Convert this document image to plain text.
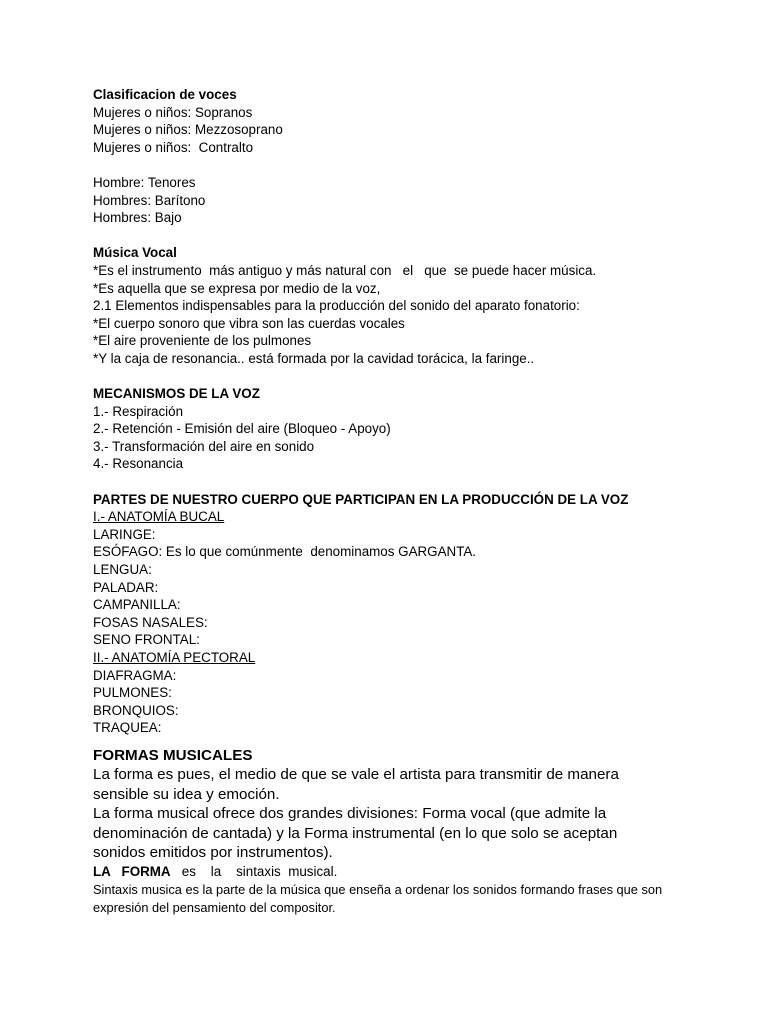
Clasificacion de voces

Mujeres o niños: Sopranos

Mujeres o niños: Mezzosoprano

Mujeres o niños:  Contralto

Hombre: Tenores

Hombres: Barítono

Hombres: Bajo

Música Vocal

*Es el instrumento  más antiguo y más natural con   el   que  se puede hacer música.

*Es aquella que se expresa por medio de la voz,

2.1 Elementos indispensables para la producción del sonido del aparato fonatorio:

*El cuerpo sonoro que vibra son las cuerdas vocales

*El aire proveniente de los pulmones

*Y la caja de resonancia.. está formada por la cavidad torácica, la faringe..

MECANISMOS DE LA VOZ

1.- Respiración

2.- Retención - Emisión del aire (Bloqueo - Apoyo)

3.- Transformación del aire en sonido

4.- Resonancia

PARTES DE NUESTRO CUERPO QUE PARTICIPAN EN LA PRODUCCIÓN DE LA VOZ

I.- ANATOMÍA BUCAL

LARINGE:

ESÓFAGO: Es lo que comúnmente  denominamos GARGANTA.

LENGUA:

PALADAR:

CAMPANILLA:

FOSAS NASALES:

SENO FRONTAL:

II.- ANATOMÍA PECTORAL

DIAFRAGMA:

PULMONES:

BRONQUIOS:

TRAQUEA:

FORMAS MUSICALES

La forma es pues, el medio de que se vale el artista para transmitir de manera sensible su idea y emoción.

La forma musical ofrece dos grandes divisiones: Forma vocal (que admite la denominación de cantada) y la Forma instrumental (en lo que solo se aceptan sonidos emitidos por instrumentos).

LA   FORMA   es    la    sintaxis  musical.

Sintaxis musica es la parte de la música que enseña a ordenar los sonidos formando frases que son expresión del pensamiento del compositor.
